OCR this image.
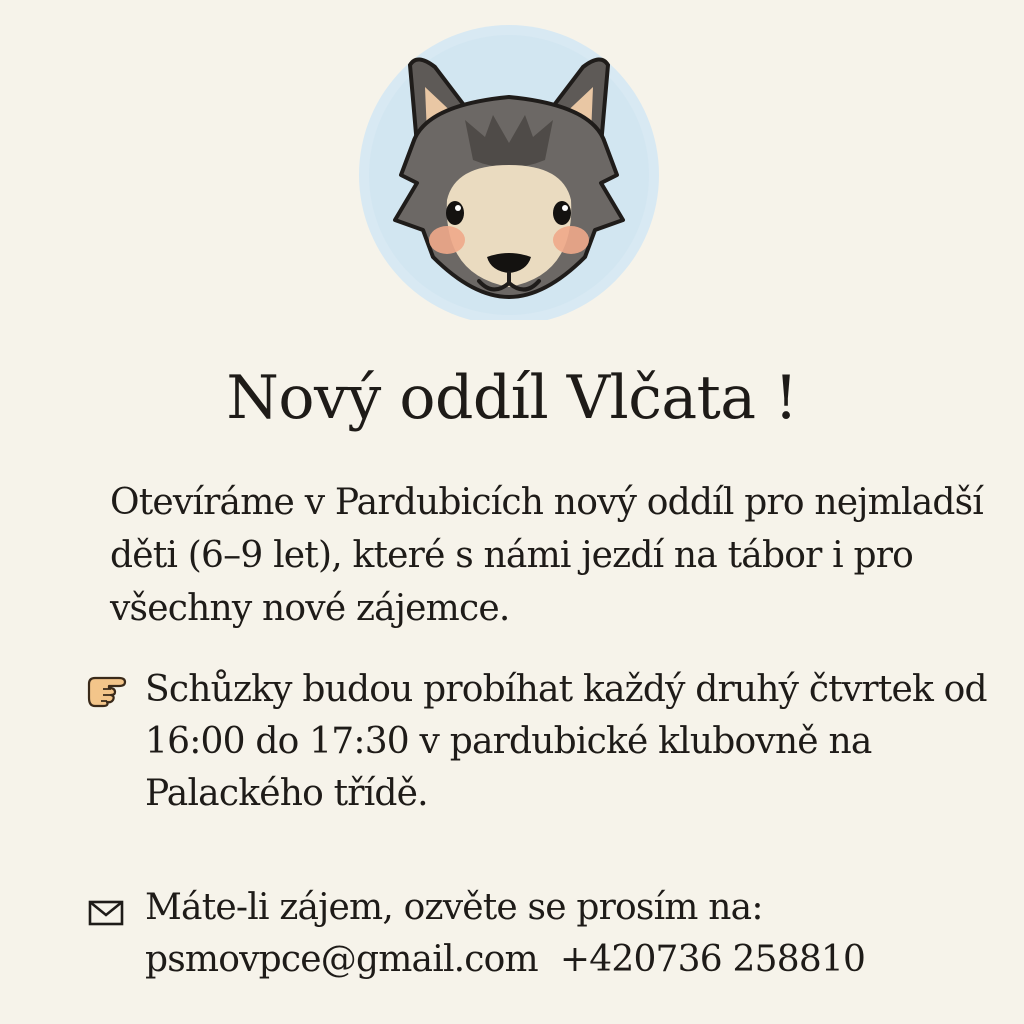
Nový oddíl Vlčata !

Otevíráme v Pardubicích nový oddíl pro nejmladší děti (6–9 let), které s námi jezdí na tábor i pro všechny nové zájemce.

Schůzky budou probíhat každý druhý čtvrtek od 16:00 do 17:30 v pardubické klubovně na Palackého třídě.

Máte-li zájem, ozvěte se prosím na:

psmovpce@gmail.com +420736 258810
